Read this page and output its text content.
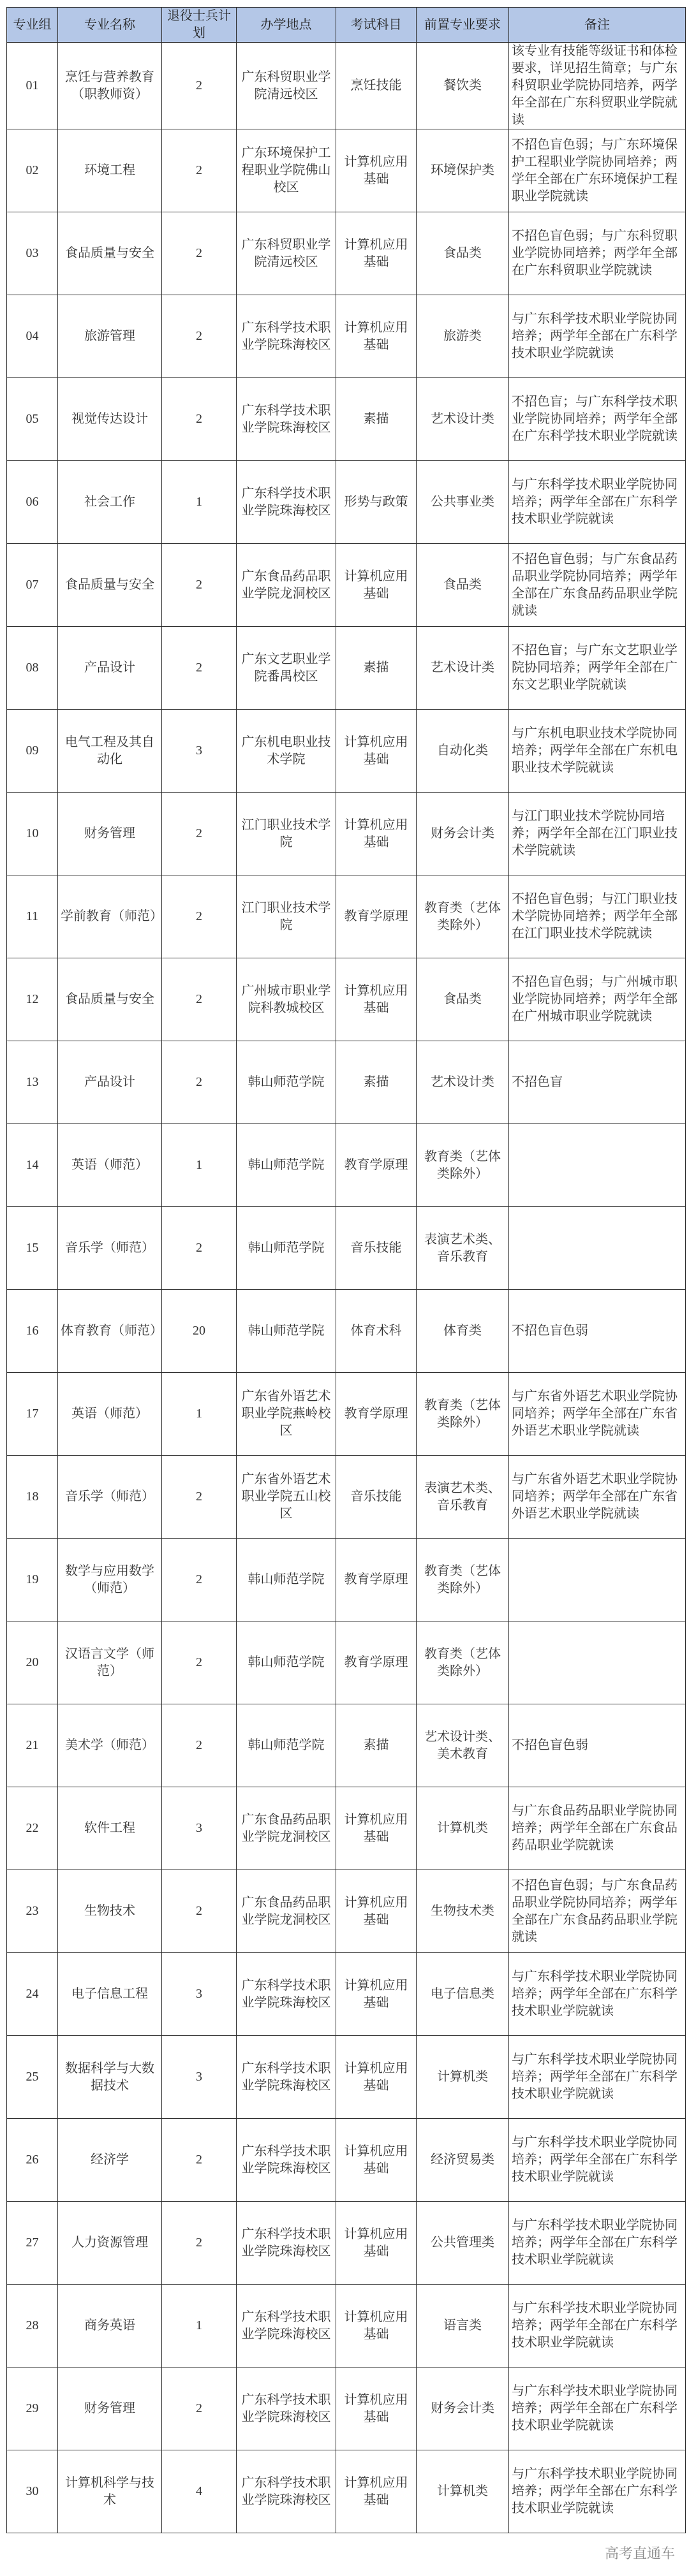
专业组	专业名称	退役士兵计划	办学地点	考试科目	前置专业要求	备注
01	烹饪与营养教育（职教师资）	2	广东科贸职业学院清远校区	烹饪技能	餐饮类	该专业有技能等级证书和体检要求，详见招生简章；与广东科贸职业学院协同培养，两学年全部在广东科贸职业学院就读
02	环境工程	2	广东环境保护工程职业学院佛山校区	计算机应用基础	环境保护类	不招色盲色弱；与广东环境保护工程职业学院协同培养；两学年全部在广东环境保护工程职业学院就读
03	食品质量与安全	2	广东科贸职业学院清远校区	计算机应用基础	食品类	不招色盲色弱；与广东科贸职业学院协同培养；两学年全部在广东科贸职业学院就读
04	旅游管理	2	广东科学技术职业学院珠海校区	计算机应用基础	旅游类	与广东科学技术职业学院协同培养；两学年全部在广东科学技术职业学院就读
05	视觉传达设计	2	广东科学技术职业学院珠海校区	素描	艺术设计类	不招色盲；与广东科学技术职业学院协同培养；两学年全部在广东科学技术职业学院就读
06	社会工作	1	广东科学技术职业学院珠海校区	形势与政策	公共事业类	与广东科学技术职业学院协同培养；两学年全部在广东科学技术职业学院就读
07	食品质量与安全	2	广东食品药品职业学院龙洞校区	计算机应用基础	食品类	不招色盲色弱；与广东食品药品职业学院协同培养；两学年全部在广东食品药品职业学院就读
08	产品设计	2	广东文艺职业学院番禺校区	素描	艺术设计类	不招色盲；与广东文艺职业学院协同培养；两学年全部在广东文艺职业学院就读
09	电气工程及其自动化	3	广东机电职业技术学院	计算机应用基础	自动化类	与广东机电职业技术学院协同培养；两学年全部在广东机电职业技术学院就读
10	财务管理	2	江门职业技术学院	计算机应用基础	财务会计类	与江门职业技术学院协同培养；两学年全部在江门职业技术学院就读
11	学前教育（师范）	2	江门职业技术学院	教育学原理	教育类（艺体类除外）	不招色盲色弱；与江门职业技术学院协同培养；两学年全部在江门职业技术学院就读
12	食品质量与安全	2	广州城市职业学院科教城校区	计算机应用基础	食品类	不招色盲色弱；与广州城市职业学院协同培养；两学年全部在广州城市职业学院就读
13	产品设计	2	韩山师范学院	素描	艺术设计类	不招色盲
14	英语（师范）	1	韩山师范学院	教育学原理	教育类（艺体类除外）	
15	音乐学（师范）	2	韩山师范学院	音乐技能	表演艺术类、音乐教育	
16	体育教育（师范）	20	韩山师范学院	体育术科	体育类	不招色盲色弱
17	英语（师范）	1	广东省外语艺术职业学院燕岭校区	教育学原理	教育类（艺体类除外）	与广东省外语艺术职业学院协同培养；两学年全部在广东省外语艺术职业学院就读
18	音乐学（师范）	2	广东省外语艺术职业学院五山校区	音乐技能	表演艺术类、音乐教育	与广东省外语艺术职业学院协同培养；两学年全部在广东省外语艺术职业学院就读
19	数学与应用数学（师范）	2	韩山师范学院	教育学原理	教育类（艺体类除外）	
20	汉语言文学（师范）	2	韩山师范学院	教育学原理	教育类（艺体类除外）	
21	美术学（师范）	2	韩山师范学院	素描	艺术设计类、美术教育	不招色盲色弱
22	软件工程	3	广东食品药品职业学院龙洞校区	计算机应用基础	计算机类	与广东食品药品职业学院协同培养；两学年全部在广东食品药品职业学院就读
23	生物技术	2	广东食品药品职业学院龙洞校区	计算机应用基础	生物技术类	不招色盲色弱；与广东食品药品职业学院协同培养；两学年全部在广东食品药品职业学院就读
24	电子信息工程	3	广东科学技术职业学院珠海校区	计算机应用基础	电子信息类	与广东科学技术职业学院协同培养；两学年全部在广东科学技术职业学院就读
25	数据科学与大数据技术	3	广东科学技术职业学院珠海校区	计算机应用基础	计算机类	与广东科学技术职业学院协同培养；两学年全部在广东科学技术职业学院就读
26	经济学	2	广东科学技术职业学院珠海校区	计算机应用基础	经济贸易类	与广东科学技术职业学院协同培养；两学年全部在广东科学技术职业学院就读
27	人力资源管理	2	广东科学技术职业学院珠海校区	计算机应用基础	公共管理类	与广东科学技术职业学院协同培养；两学年全部在广东科学技术职业学院就读
28	商务英语	1	广东科学技术职业学院珠海校区	计算机应用基础	语言类	与广东科学技术职业学院协同培养；两学年全部在广东科学技术职业学院就读
29	财务管理	2	广东科学技术职业学院珠海校区	计算机应用基础	财务会计类	与广东科学技术职业学院协同培养；两学年全部在广东科学技术职业学院就读
30	计算机科学与技术	4	广东科学技术职业学院珠海校区	计算机应用基础	计算机类	与广东科学技术职业学院协同培养；两学年全部在广东科学技术职业学院就读
高考直通车
